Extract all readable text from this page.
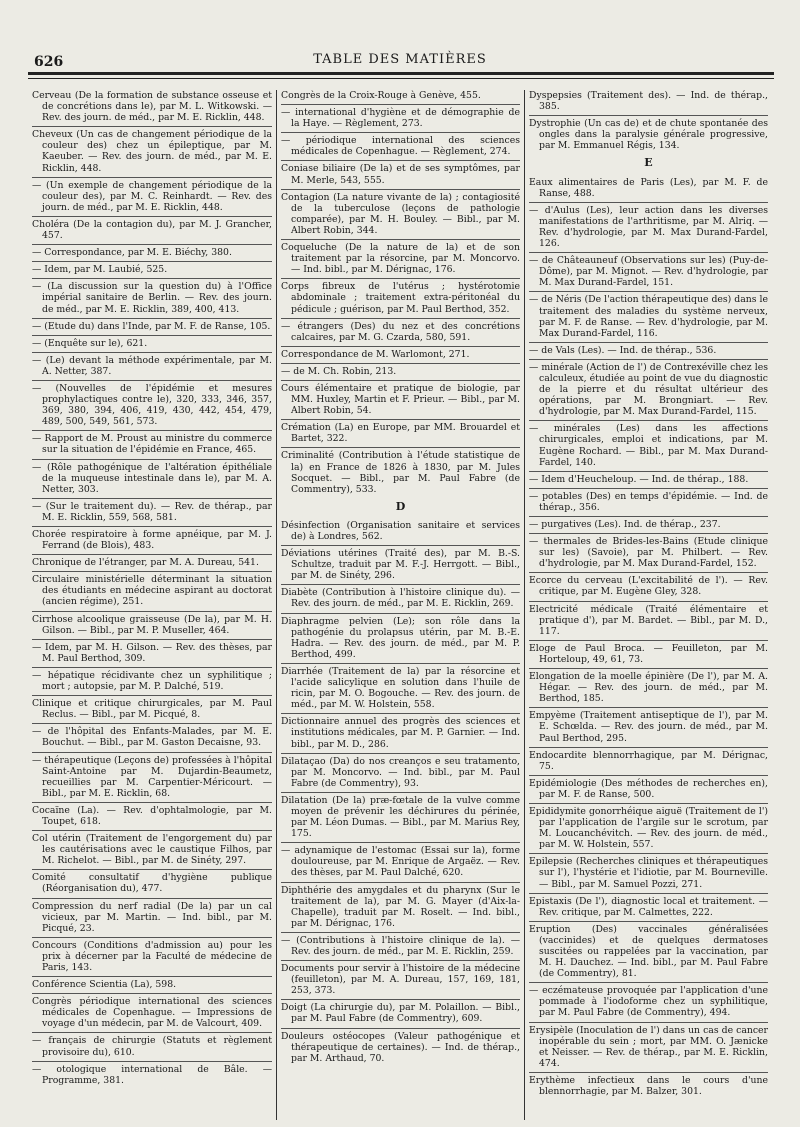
626	TABLE DES MATIÈRES
Cerveau (De la formation de substance osseuse et de concrétions dans le), par M. L. Witkowski. — Rev. des journ. de méd., par M. E. Ricklin, 448.
Cheveux (Un cas de changement périodique de la couleur des) chez un épileptique, par M. Kaeuber. — Rev. des journ. de méd., par M. E. Ricklin, 448.
— (Un exemple de changement périodique de la couleur des), par M. C. Reinhardt. — Rev. des journ. de méd., par M. E. Ricklin, 448.
Choléra (De la contagion du), par M. J. Grancher, 457.
— Correspondance, par M. E. Biéchy, 380.
— Idem, par M. Laubié, 525.
— (La discussion sur la question du) à l'Office impérial sanitaire de Berlin. — Rev. des journ. de méd., par M. E. Ricklin, 389, 400, 413.
— (Etude du) dans l'Inde, par M. F. de Ranse, 105.
— (Enquête sur le), 621.
— (Le) devant la méthode expérimentale, par M. A. Netter, 387.
— (Nouvelles de l'épidémie et mesures prophylactiques contre le), 320, 333, 346, 357, 369, 380, 394, 406, 419, 430, 442, 454, 479, 489, 500, 549, 561, 573.
— Rapport de M. Proust au ministre du commerce sur la situation de l'épidémie en France, 465.
— (Rôle pathogénique de l'altération épithéliale de la muqueuse intestinale dans le), par M. A. Netter, 303.
— (Sur le traitement du). — Rev. de thérap., par M. E. Ricklin, 559, 568, 581.
Chorée respiratoire à forme apnéique, par M. J. Ferrand (de Blois), 483.
Chronique de l'étranger, par M. A. Dureau, 541.
Circulaire ministérielle déterminant la situation des étudiants en médecine aspirant au doctorat (ancien régime), 251.
Cirrhose alcoolique graisseuse (De la), par M. H. Gilson. — Bibl., par M. P. Museller, 464.
— Idem, par M. H. Gilson. — Rev. des thèses, par M. Paul Berthod, 309.
— hépatique récidivante chez un syphilitique ; mort ; autopsie, par M. P. Dalché, 519.
Clinique et critique chirurgicales, par M. Paul Reclus. — Bibl., par M. Picqué, 8.
— de l'hôpital des Enfants-Malades, par M. E. Bouchut. — Bibl., par M. Gaston Decaisne, 93.
— thérapeutique (Leçons de) professées à l'hôpital Saint-Antoine par M. Dujardin-Beaumetz, recueillies par M. Carpentier-Méricourt. — Bibl., par M. E. Ricklin, 68.
Cocaïne (La). — Rev. d'ophtalmologie, par M. Toupet, 618.
Col utérin (Traitement de l'engorgement du) par les cautérisations avec le caustique Filhos, par M. Richelot. — Bibl., par M. de Sinéty, 297.
Comité consultatif d'hygiène publique (Réorganisation du), 477.
Compression du nerf radial (De la) par un cal vicieux, par M. Martin. — Ind. bibl., par M. Picqué, 23.
Concours (Conditions d'admission au) pour les prix à décerner par la Faculté de médecine de Paris, 143.
Conférence Scientia (La), 598.
Congrès périodique international des sciences médicales de Copenhague. — Impressions de voyage d'un médecin, par M. de Valcourt, 409.
— français de chirurgie (Statuts et règlement provisoire du), 610.
— otologique international de Bâle. — Programme, 381.
Congrès de la Croix-Rouge à Genève, 455.
— international d'hygiène et de démographie de la Haye. — Règlement, 273.
— périodique international des sciences médicales de Copenhague. — Règlement, 274.
Coniase biliaire (De la) et de ses symptômes, par M. Merle, 543, 555.
Contagion (La nature vivante de la) ; contagiosité de la tuberculose (leçons de pathologie comparée), par M. H. Bouley. — Bibl., par M. Albert Robin, 344.
Coqueluche (De la nature de la) et de son traitement par la résorcine, par M. Moncorvo. — Ind. bibl., par M. Dérignac, 176.
Corps fibreux de l'utérus ; hystérotomie abdominale ; traitement extra-péritonéal du pédicule ; guérison, par M. Paul Berthod, 352.
— étrangers (Des) du nez et des concrétions calcaires, par M. G. Czarda, 580, 591.
Correspondance de M. Warlomont, 271.
— de M. Ch. Robin, 213.
Cours élémentaire et pratique de biologie, par MM. Huxley, Martin et F. Prieur. — Bibl., par M. Albert Robin, 54.
Crémation (La) en Europe, par MM. Brouardel et Bartet, 322.
Criminalité (Contribution à l'étude statistique de la) en France de 1826 à 1830, par M. Jules Socquet. — Bibl., par M. Paul Fabre (de Commentry), 533.
D
Désinfection (Organisation sanitaire et services de) à Londres, 562.
Déviations utérines (Traité des), par M. B.-S. Schultze, traduit par M. F.-J. Herrgott. — Bibl., par M. de Sinéty, 296.
Diabète (Contribution à l'histoire clinique du). — Rev. des journ. de méd., par M. E. Ricklin, 269.
Diaphragme pelvien (Le); son rôle dans la pathogénie du prolapsus utérin, par M. B.-E. Hadra. — Rev. des journ. de méd., par M. P. Berthod, 499.
Diarrhée (Traitement de la) par la résorcine et l'acide salicylique en solution dans l'huile de ricin, par M. O. Bogouche. — Rev. des journ. de méd., par M. W. Holstein, 558.
Dictionnaire annuel des progrès des sciences et institutions médicales, par M. P. Garnier. — Ind. bibl., par M. D., 286.
Dilataçao (Da) do nos creanços e seu tratamento, par M. Moncorvo. — Ind. bibl., par M. Paul Fabre (de Commentry), 93.
Dilatation (De la) præ-fœtale de la vulve comme moyen de prévenir les déchirures du périnée, par M. Léon Dumas. — Bibl., par M. Marius Rey, 175.
— adynamique de l'estomac (Essai sur la), forme douloureuse, par M. Enrique de Argaëz. — Rev. des thèses, par M. Paul Dalché, 620.
Diphthérie des amygdales et du pharynx (Sur le traitement de la), par M. G. Mayer (d'Aix-la-Chapelle), traduit par M. Roselt. — Ind. bibl., par M. Dérignac, 176.
— (Contributions à l'histoire clinique de la). — Rev. des journ. de méd., par M. E. Ricklin, 259.
Documents pour servir à l'histoire de la médecine (feuilleton), par M. A. Dureau, 157, 169, 181, 253, 373.
Doigt (La chirurgie du), par M. Polaillon. — Bibl., par M. Paul Fabre (de Commentry), 609.
Douleurs ostéocopes (Valeur pathogénique et thérapeutique de certaines). — Ind. de thérap., par M. Arthaud, 70.
Dyspepsies (Traitement des). — Ind. de thérap., 385.
Dystrophie (Un cas de) et de chute spontanée des ongles dans la paralysie générale progressive, par M. Emmanuel Régis, 134.
E
Eaux alimentaires de Paris (Les), par M. F. de Ranse, 488.
— d'Aulus (Les), leur action dans les diverses manifestations de l'arthritisme, par M. Alriq. — Rev. d'hydrologie, par M. Max Durand-Fardel, 126.
— de Châteauneuf (Observations sur les) (Puy-de-Dôme), par M. Mignot. — Rev. d'hydrologie, par M. Max Durand-Fardel, 151.
— de Néris (De l'action thérapeutique des) dans le traitement des maladies du système nerveux, par M. F. de Ranse. — Rev. d'hydrologie, par M. Max Durand-Fardel, 116.
— de Vals (Les). — Ind. de thérap., 536.
— minérale (Action de l') de Contrexéville chez les calculeux, étudiée au point de vue du diagnostic de la pierre et du résultat ultérieur des opérations, par M. Brongniart. — Rev. d'hydrologie, par M. Max Durand-Fardel, 115.
— minérales (Les) dans les affections chirurgicales, emploi et indications, par M. Eugène Rochard. — Bibl., par M. Max Durand-Fardel, 140.
— Idem d'Heucheloup. — Ind. de thérap., 188.
— potables (Des) en temps d'épidémie. — Ind. de thérap., 356.
— purgatives (Les). Ind. de thérap., 237.
— thermales de Brides-les-Bains (Etude clinique sur les) (Savoie), par M. Philbert. — Rev. d'hydrologie, par M. Max Durand-Fardel, 152.
Ecorce du cerveau (L'excitabilité de l'). — Rev. critique, par M. Eugène Gley, 328.
Electricité médicale (Traité élémentaire et pratique d'), par M. Bardet. — Bibl., par M. D., 117.
Eloge de Paul Broca. — Feuilleton, par M. Horteloup, 49, 61, 73.
Elongation de la moelle épinière (De l'), par M. A. Hégar. — Rev. des journ. de méd., par M. Berthod, 185.
Empyème (Traitement antiseptique de l'), par M. E. Schœlda. — Rev. des journ. de méd., par M. Paul Berthod, 295.
Endocardite blennorrhagique, par M. Dérignac, 75.
Epidémiologie (Des méthodes de recherches en), par M. F. de Ranse, 500.
Epididymite gonorrhéique aiguë (Traitement de l') par l'application de l'argile sur le scrotum, par M. Loucanchévitch. — Rev. des journ. de méd., par M. W. Holstein, 557.
Epilepsie (Recherches cliniques et thérapeutiques sur l'), l'hystérie et l'idiotie, par M. Bourneville. — Bibl., par M. Samuel Pozzi, 271.
Epistaxis (De l'), diagnostic local et traitement. — Rev. critique, par M. Calmettes, 222.
Eruption (Des) vaccinales généralisées (vaccinides) et de quelques dermatoses suscitées ou rappelées par la vaccination, par M. H. Dauchez. — Ind. bibl., par M. Paul Fabre (de Commentry), 81.
— eczémateuse provoquée par l'application d'une pommade à l'iodoforme chez un syphilitique, par M. Paul Fabre (de Commentry), 494.
Erysipèle (Inoculation de l') dans un cas de cancer inopérable du sein ; mort, par MM. O. Jænicke et Neisser. — Rev. de thérap., par M. E. Ricklin, 474.
Erythème infectieux dans le cours d'une blennorrhagie, par M. Balzer, 301.
